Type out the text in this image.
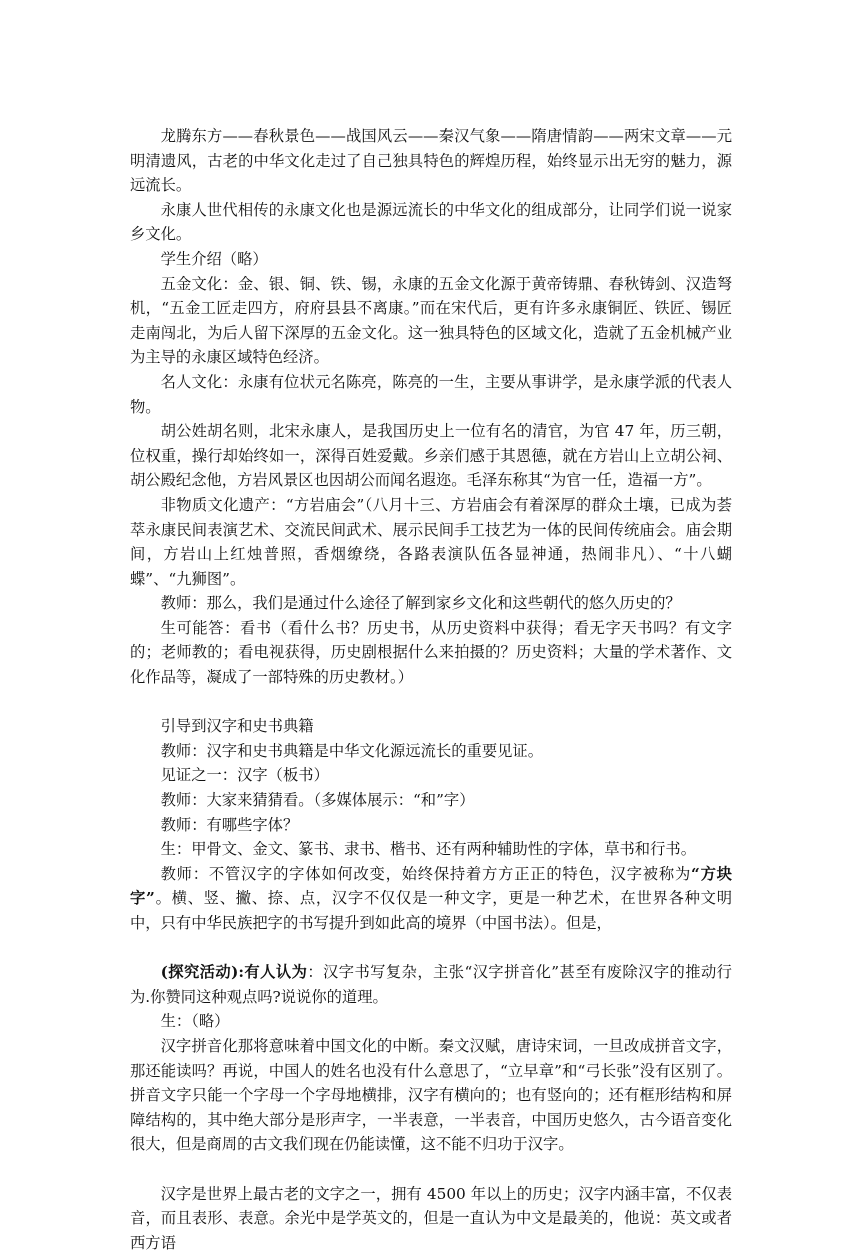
龙腾东方——春秋景色——战国风云——秦汉气象——隋唐情韵——两宋文章——元明清遗风，古老的中华文化走过了自己独具特色的辉煌历程，始终显示出无穷的魅力，源远流长。

永康人世代相传的永康文化也是源远流长的中华文化的组成部分，让同学们说一说家乡文化。

学生介绍（略）

五金文化：金、银、铜、铁、锡，永康的五金文化源于黄帝铸鼎、春秋铸剑、汉造弩机，“五金工匠走四方，府府县县不离康。”而在宋代后，更有许多永康铜匠、铁匠、锡匠走南闯北，为后人留下深厚的五金文化。这一独具特色的区域文化，造就了五金机械产业为主导的永康区域特色经济。

名人文化：永康有位状元名陈亮，陈亮的一生，主要从事讲学，是永康学派的代表人物。

胡公姓胡名则，北宋永康人，是我国历史上一位有名的清官，为官 47 年，历三朝，位权重，操行却始终如一，深得百姓爱戴。乡亲们感于其恩德，就在方岩山上立胡公祠、胡公殿纪念他，方岩风景区也因胡公而闻名遐迩。毛泽东称其“为官一任，造福一方”。

非物质文化遗产：“方岩庙会”（八月十三、方岩庙会有着深厚的群众土壤，已成为荟萃永康民间表演艺术、交流民间武术、展示民间手工技艺为一体的民间传统庙会。庙会期间，方岩山上红烛普照，香烟缭绕，各路表演队伍各显神通，热闹非凡）、“十八蝴蝶”、“九狮图”。

教师：那么，我们是通过什么途径了解到家乡文化和这些朝代的悠久历史的？

生可能答：看书（看什么书？历史书，从历史资料中获得；看无字天书吗？有文字的；老师教的；看电视获得，历史剧根据什么来拍摄的？历史资料；大量的学术著作、文化作品等，凝成了一部特殊的历史教材。）

引导到汉字和史书典籍

教师：汉字和史书典籍是中华文化源远流长的重要见证。

见证之一：汉字（板书）

教师：大家来猜猜看。（多媒体展示：“和”字）

教师：有哪些字体？

生：甲骨文、金文、篆书、隶书、楷书、还有两种辅助性的字体，草书和行书。

教师：不管汉字的字体如何改变，始终保持着方方正正的特色，汉字被称为“方块字”。横、竖、撇、捺、点，汉字不仅仅是一种文字，更是一种艺术，在世界各种文明中，只有中华民族把字的书写提升到如此高的境界（中国书法）。但是，

(探究活动):有人认为：汉字书写复杂，主张“汉字拼音化”甚至有废除汉字的推动行为.你赞同这种观点吗?说说你的道理。

生：（略）

汉字拼音化那将意味着中国文化的中断。秦文汉赋，唐诗宋词，一旦改成拼音文字，那还能读吗？再说，中国人的姓名也没有什么意思了，“立早章”和“弓长张”没有区别了。拼音文字只能一个字母一个字母地横排，汉字有横向的；也有竖向的；还有框形结构和屏障结构的，其中绝大部分是形声字，一半表意，一半表音，中国历史悠久，古今语音变化很大，但是商周的古文我们现在仍能读懂，这不能不归功于汉字。

汉字是世界上最古老的文字之一，拥有 4500 年以上的历史；汉字内涵丰富，不仅表音，而且表形、表意。余光中是学英文的，但是一直认为中文是最美的，他说：英文或者西方语
